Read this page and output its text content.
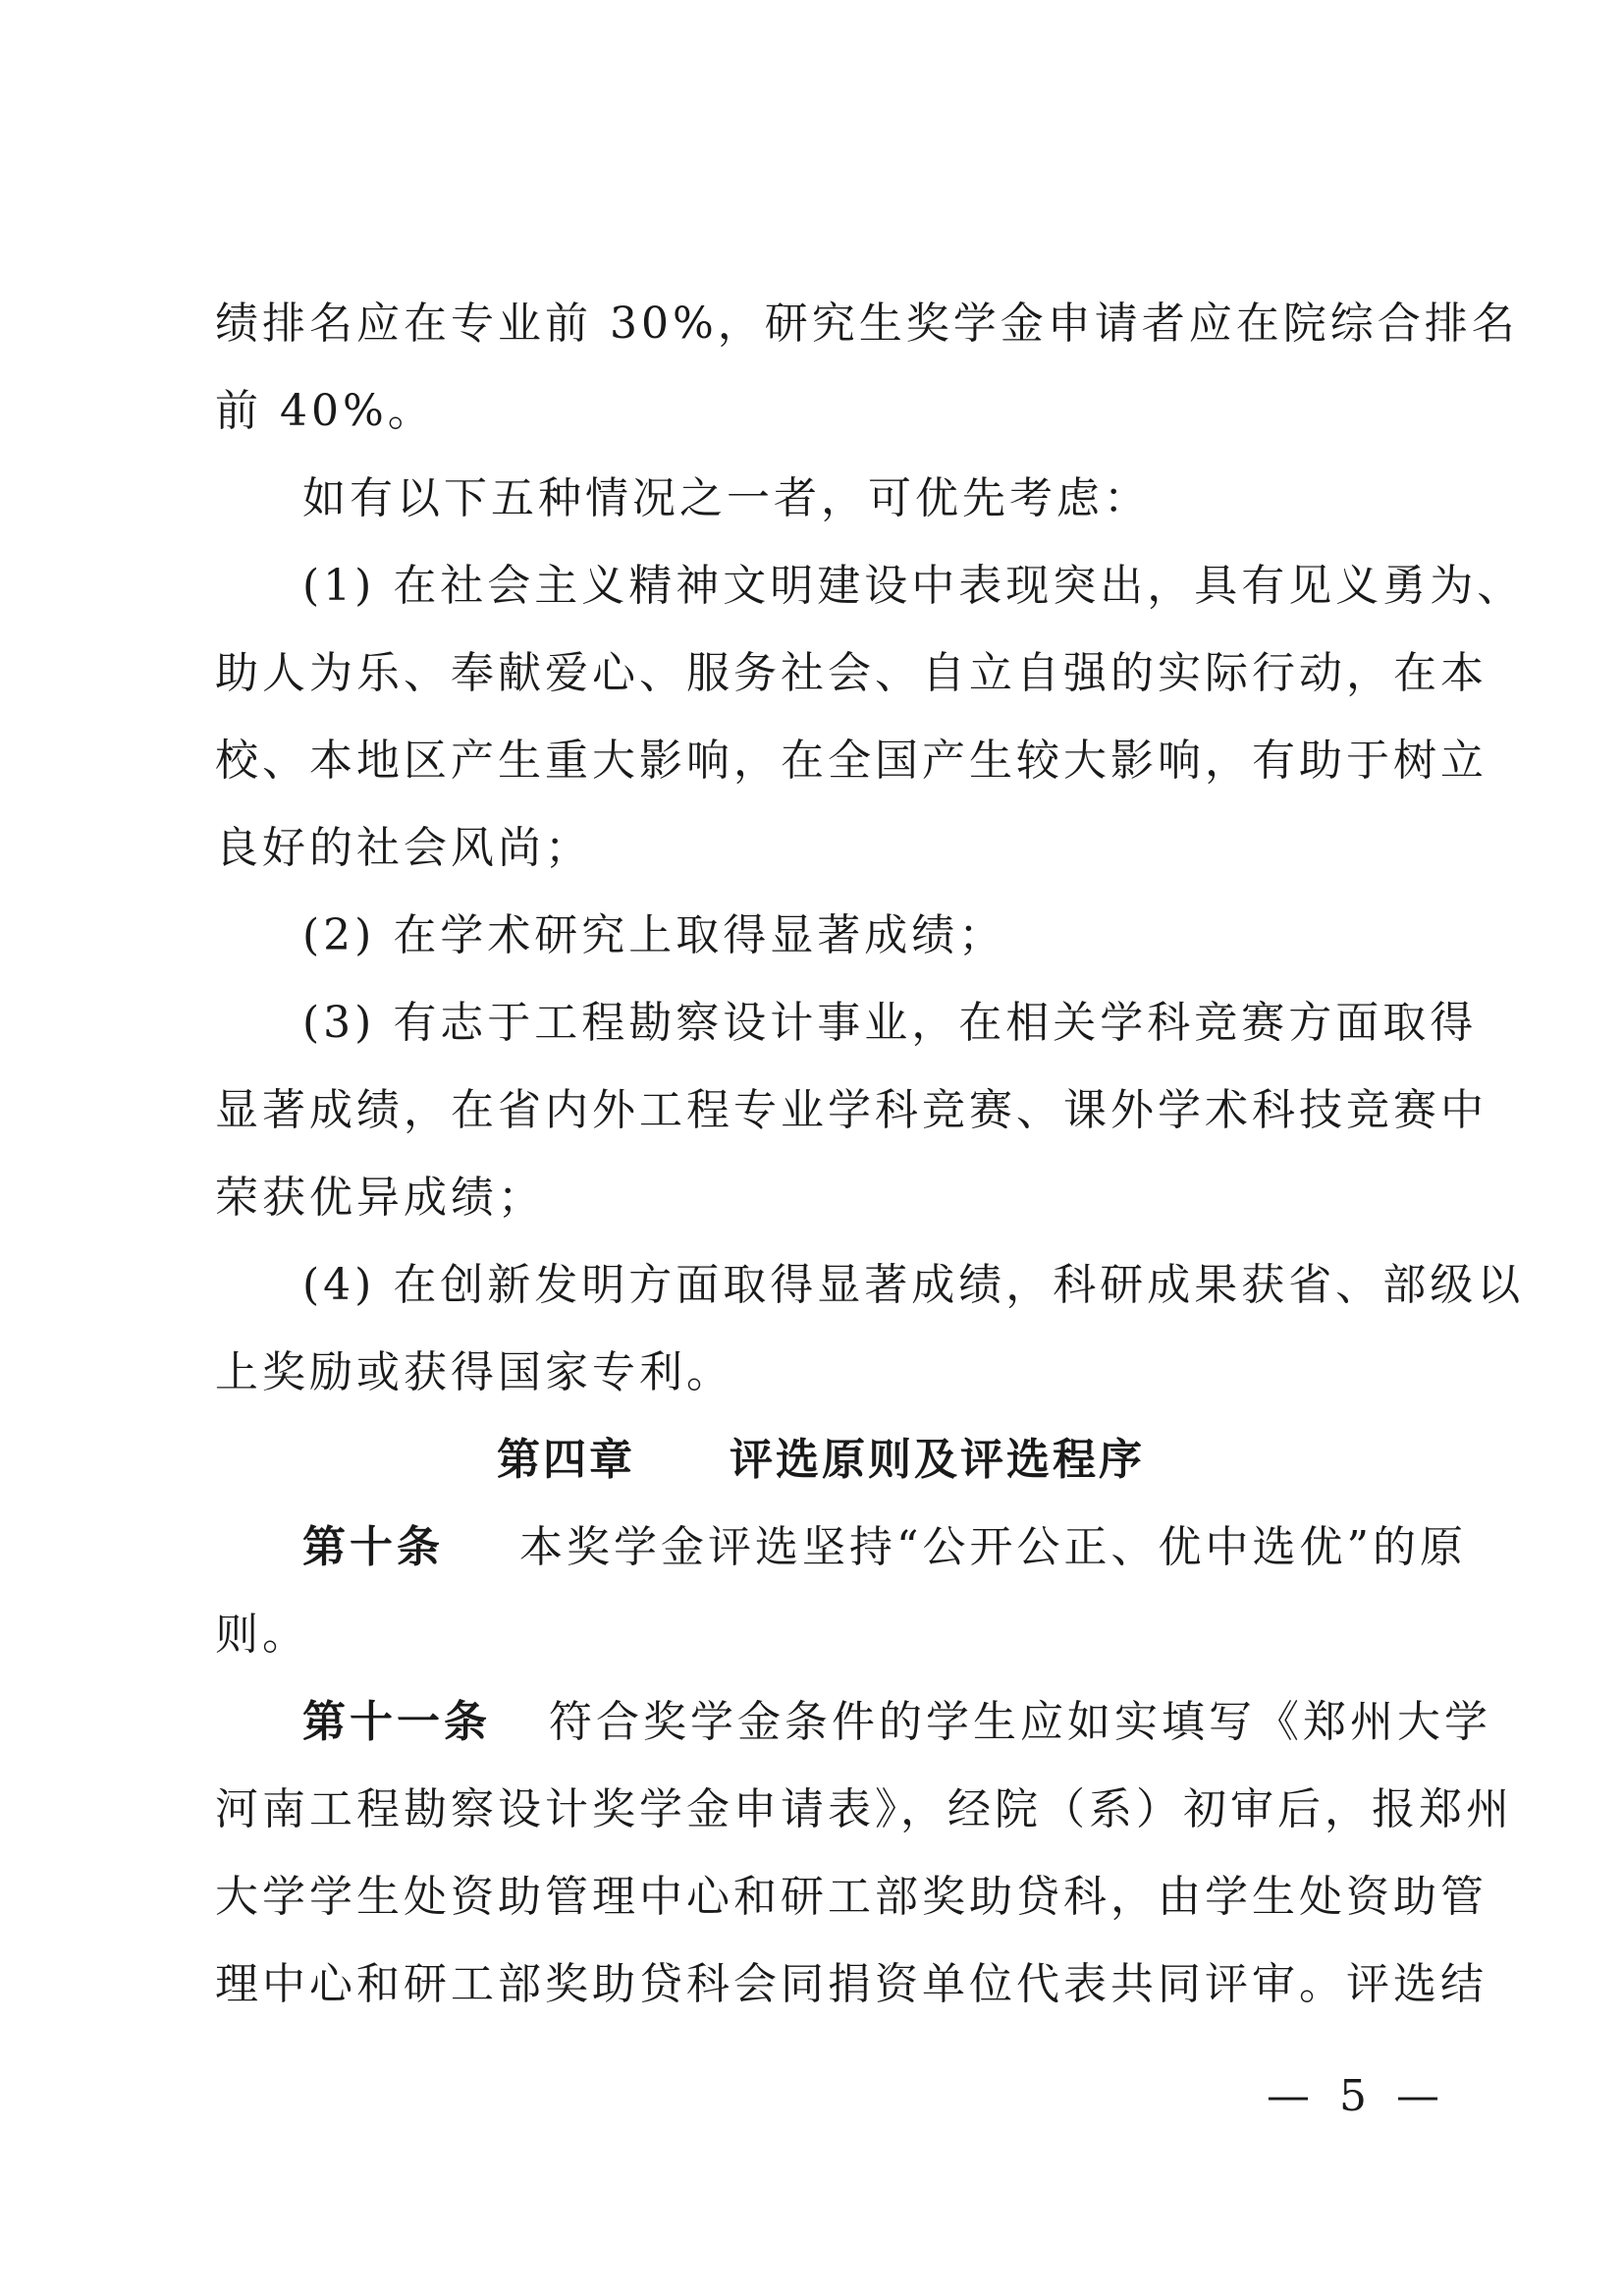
绩排名应在专业前 30%，研究生奖学金申请者应在院综合排名
前 40%。
如有以下五种情况之一者，可优先考虑：
(1) 在社会主义精神文明建设中表现突出，具有见义勇为、
助人为乐、奉献爱心、服务社会、自立自强的实际行动，在本
校、本地区产生重大影响，在全国产生较大影响，有助于树立
良好的社会风尚；
(2) 在学术研究上取得显著成绩；
(3) 有志于工程勘察设计事业，在相关学科竞赛方面取得
显著成绩，在省内外工程专业学科竞赛、课外学术科技竞赛中
荣获优异成绩；
(4) 在创新发明方面取得显著成绩，科研成果获省、部级以
上奖励或获得国家专利。
第四章 评选原则及评选程序
第十条 本奖学金评选坚持“公开公正、优中选优”的原
则。
第十一条 符合奖学金条件的学生应如实填写《郑州大学
河南工程勘察设计奖学金申请表》，经院（系）初审后，报郑州
大学学生处资助管理中心和研工部奖助贷科，由学生处资助管
理中心和研工部奖助贷科会同捐资单位代表共同评审。评选结
— 5 —
